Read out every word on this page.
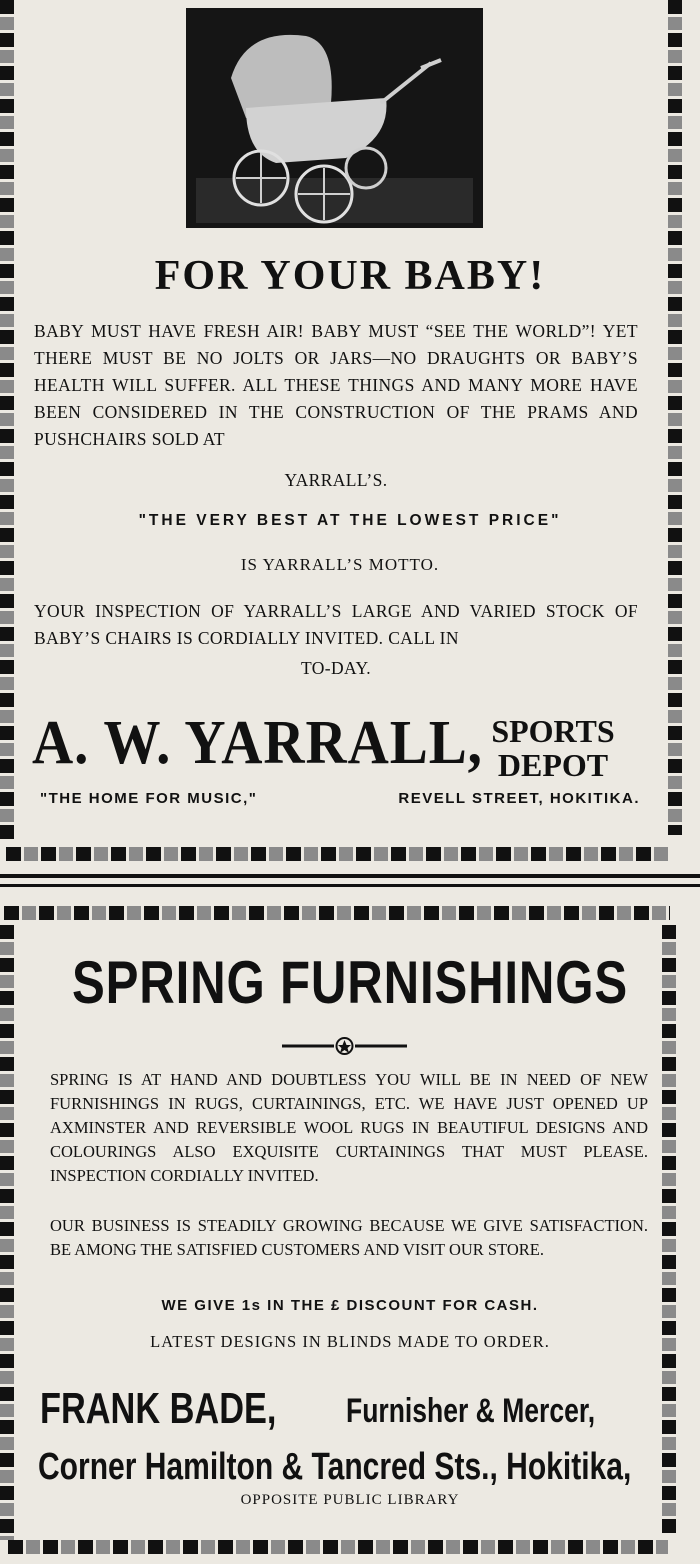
FOR YOUR BABY!
BABY MUST HAVE FRESH AIR! BABY MUST “SEE THE WORLD”! YET THERE MUST BE NO JOLTS OR JARS—NO DRAUGHTS OR BABY’S HEALTH WILL SUFFER. ALL THESE THINGS AND MANY MORE HAVE BEEN CONSIDERED IN THE CONSTRUCTION OF THE PRAMS AND PUSHCHAIRS SOLD AT
YARRALL’S.
"THE VERY BEST AT THE LOWEST PRICE"
IS YARRALL’S MOTTO.
YOUR INSPECTION OF YARRALL’S LARGE AND VARIED STOCK OF BABY’S CHAIRS IS CORDIALLY INVITED. CALL IN
TO-DAY.
A. W. YARRALL, SPORTS
DEPOT
"THE HOME FOR MUSIC,"	REVELL STREET, HOKITIKA.
SPRING FURNISHINGS
SPRING IS AT HAND AND DOUBTLESS YOU WILL BE IN NEED OF NEW FURNISHINGS IN RUGS, CURTAININGS, ETC. WE HAVE JUST OPENED UP AXMINSTER AND REVERSIBLE WOOL RUGS IN BEAUTIFUL DESIGNS AND COLOURINGS ALSO EXQUISITE CURTAININGS THAT MUST PLEASE. INSPECTION CORDIALLY INVITED.
OUR BUSINESS IS STEADILY GROWING BECAUSE WE GIVE SATISFACTION. BE AMONG THE SATISFIED CUSTOMERS AND VISIT OUR STORE.
WE GIVE 1s IN THE £ DISCOUNT FOR CASH.
LATEST DESIGNS IN BLINDS MADE TO ORDER.
FRANK BADE, Furnisher & Mercer,
Corner Hamilton & Tancred Sts., Hokitika,
OPPOSITE PUBLIC LIBRARY
